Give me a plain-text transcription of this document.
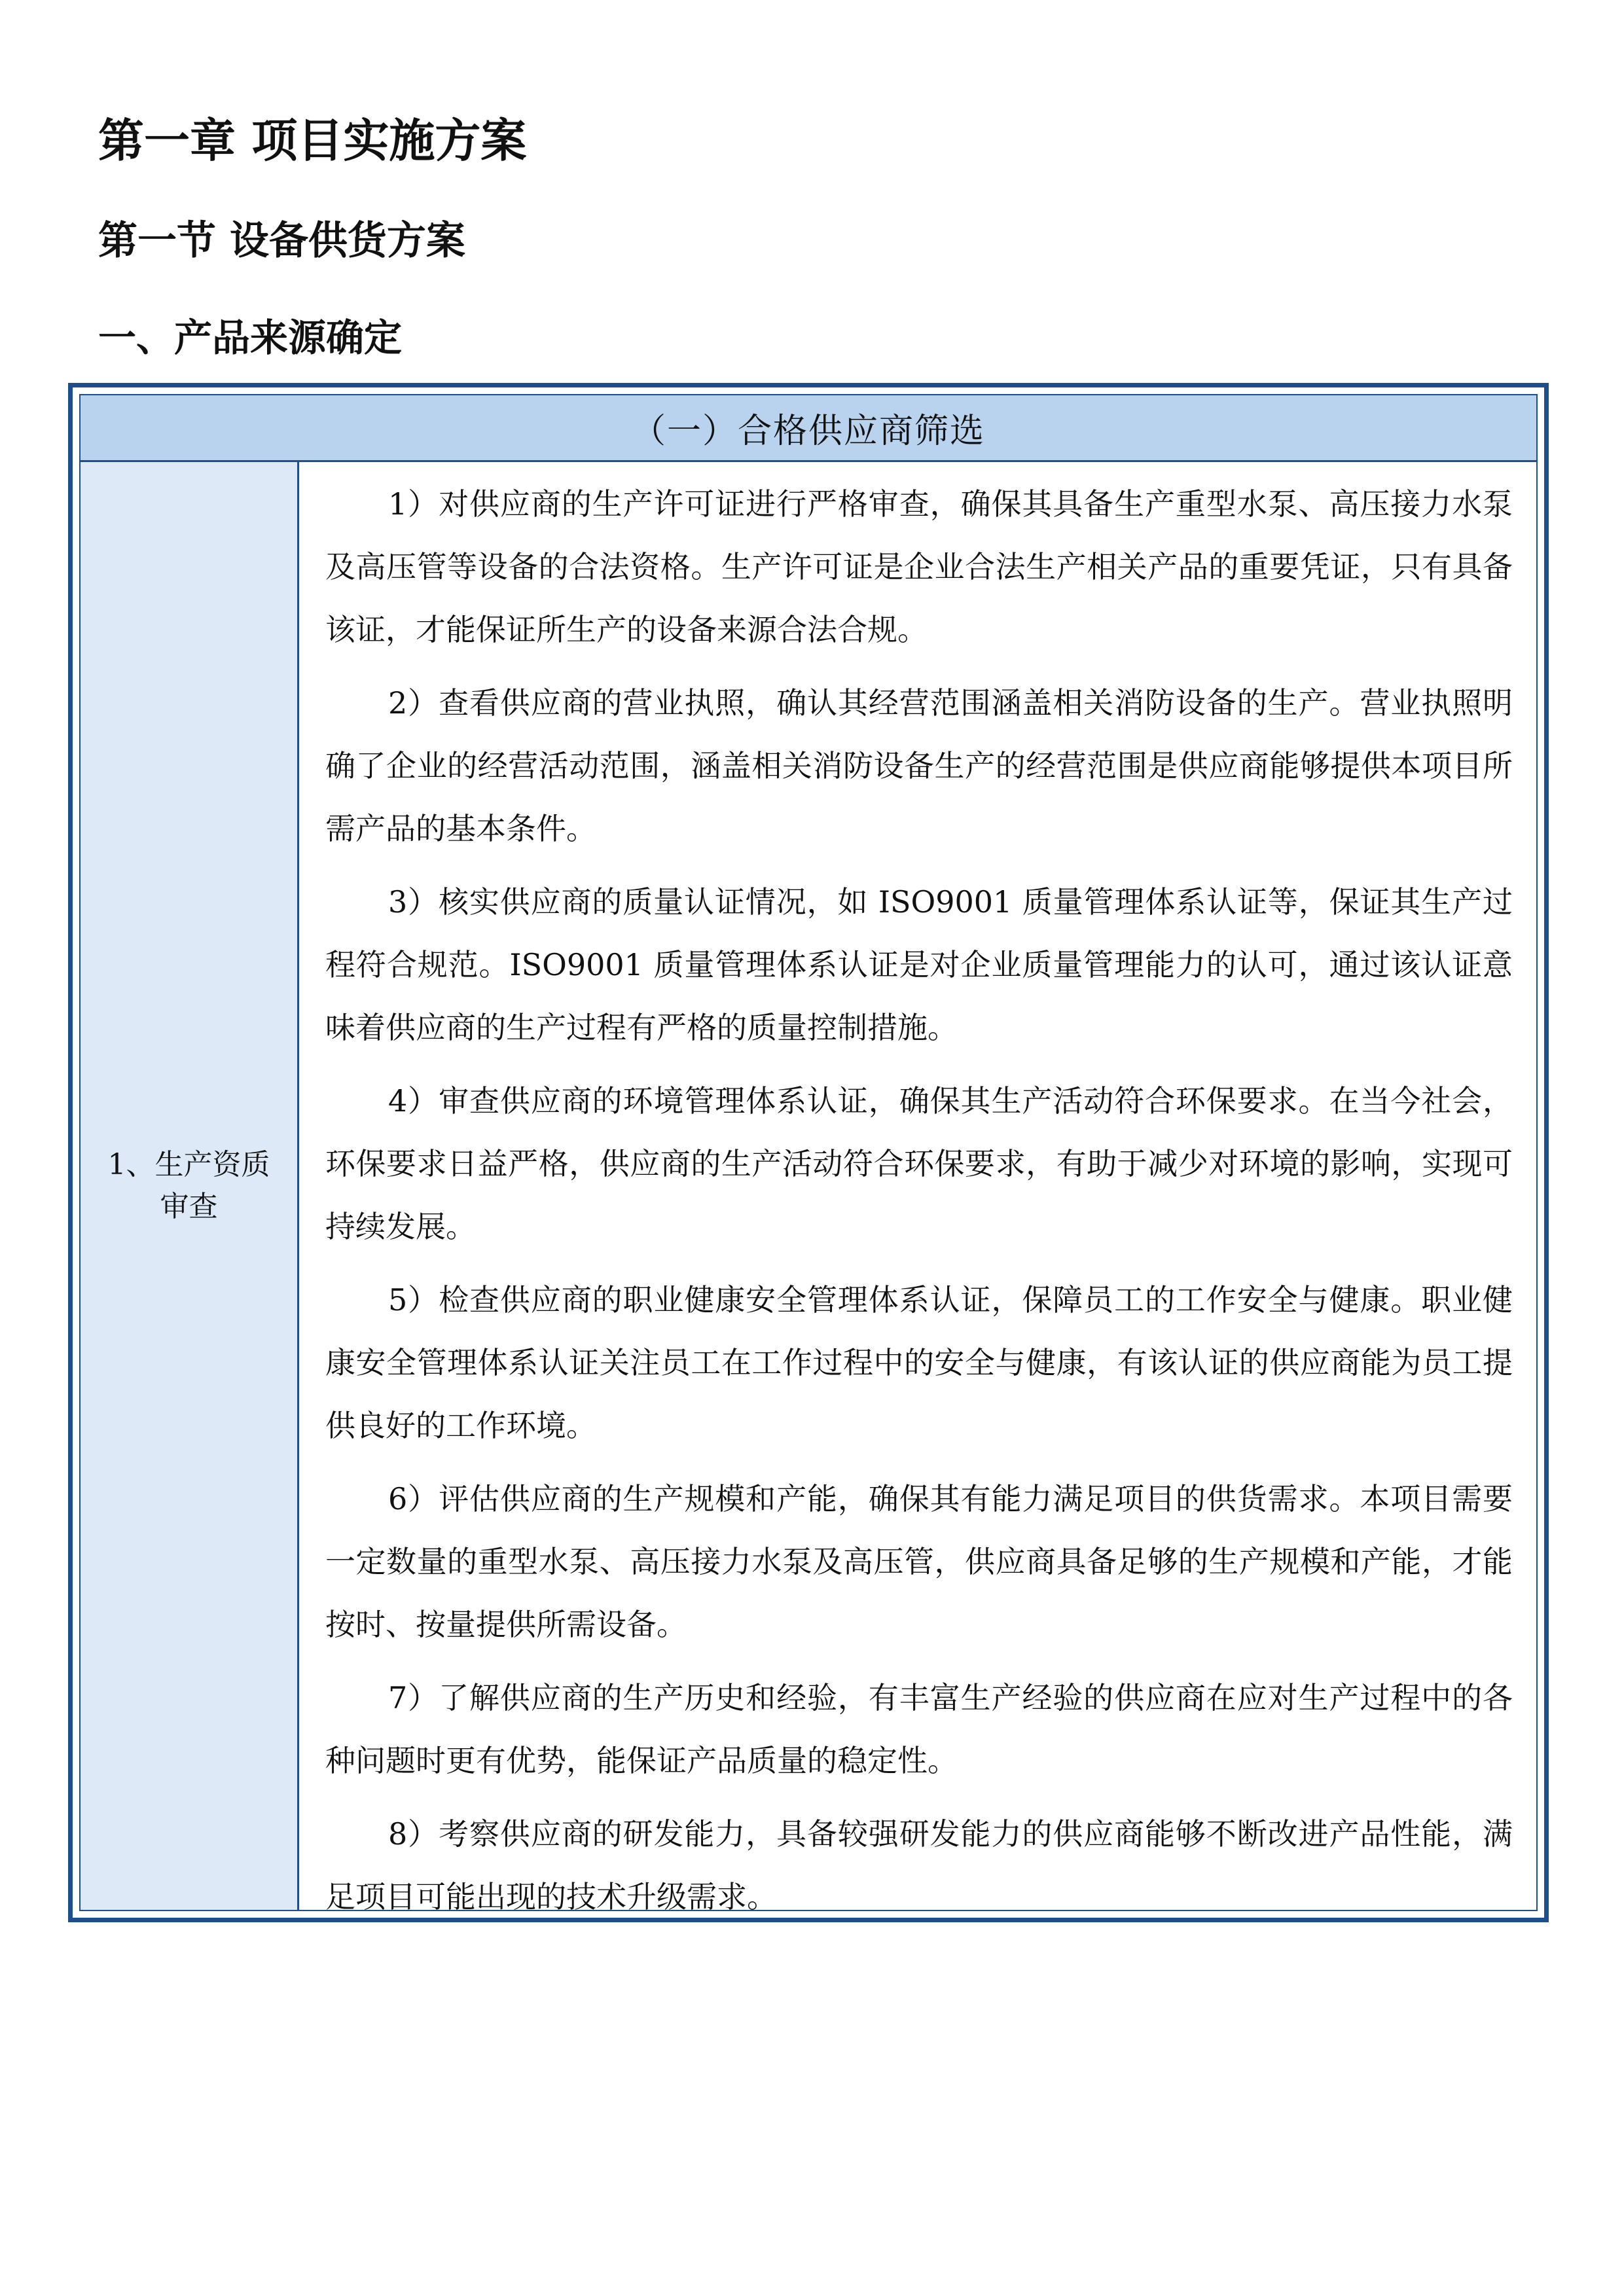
第一章 项目实施方案
第一节 设备供货方案
一、产品来源确定
（一）合格供应商筛选
1、生产资质审查

1）对供应商的生产许可证进行严格审查，确保其具备生产重型水泵、高压接力水泵及高压管等设备的合法资格。生产许可证是企业合法生产相关产品的重要凭证，只有具备该证，才能保证所生产的设备来源合法合规。

2）查看供应商的营业执照，确认其经营范围涵盖相关消防设备的生产。营业执照明确了企业的经营活动范围，涵盖相关消防设备生产的经营范围是供应商能够提供本项目所需产品的基本条件。

3）核实供应商的质量认证情况，如 ISO9001 质量管理体系认证等，保证其生产过程符合规范。ISO9001 质量管理体系认证是对企业质量管理能力的认可，通过该认证意味着供应商的生产过程有严格的质量控制措施。

4）审查供应商的环境管理体系认证，确保其生产活动符合环保要求。在当今社会，环保要求日益严格，供应商的生产活动符合环保要求，有助于减少对环境的影响，实现可持续发展。

5）检查供应商的职业健康安全管理体系认证，保障员工的工作安全与健康。职业健康安全管理体系认证关注员工在工作过程中的安全与健康，有该认证的供应商能为员工提供良好的工作环境。

6）评估供应商的生产规模和产能，确保其有能力满足项目的供货需求。本项目需要一定数量的重型水泵、高压接力水泵及高压管，供应商具备足够的生产规模和产能，才能按时、按量提供所需设备。

7）了解供应商的生产历史和经验，有丰富生产经验的供应商在应对生产过程中的各种问题时更有优势，能保证产品质量的稳定性。

8）考察供应商的研发能力，具备较强研发能力的供应商能够不断改进产品性能，满足项目可能出现的技术升级需求。
